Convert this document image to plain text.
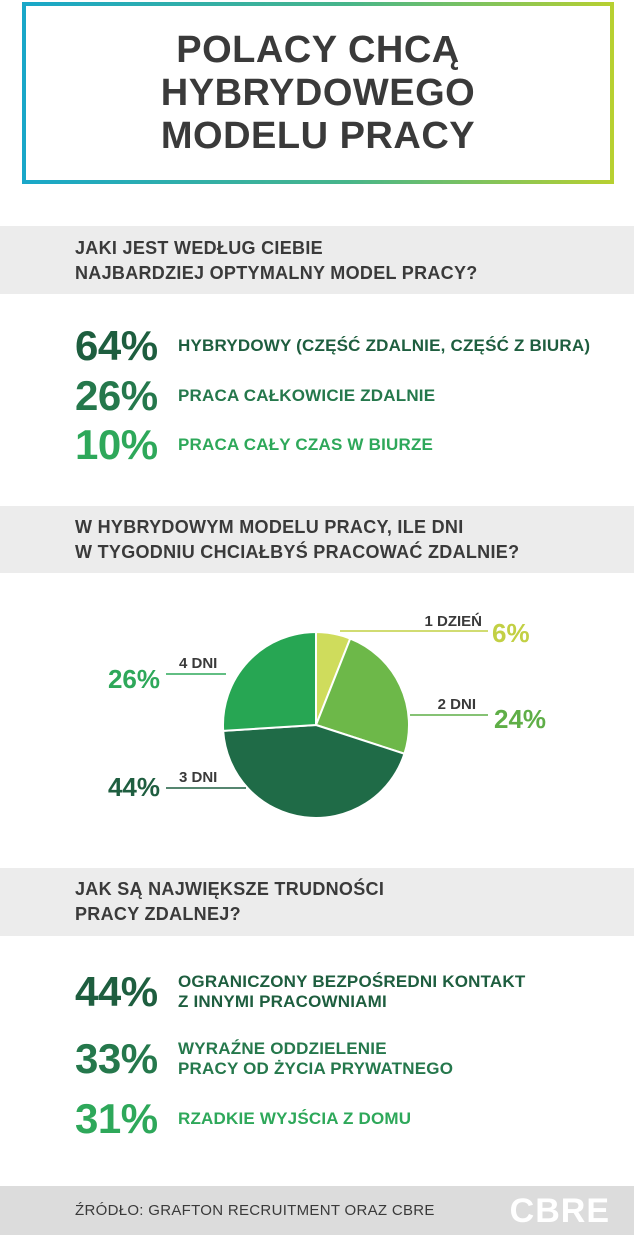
POLACY CHCĄ
HYBRYDOWEGO
MODELU PRACY
JAKI JEST WEDŁUG CIEBIE
NAJBARDZIEJ OPTYMALNY MODEL PRACY?
64%	HYBRYDOWY (CZĘŚĆ ZDALNIE, CZĘŚĆ Z BIURA)
26%	PRACA CAŁKOWICIE ZDALNIE
10%	PRACA CAŁY CZAS W BIURZE
W HYBRYDOWYM MODELU PRACY, ILE DNI
W TYGODNIU CHCIAŁBYŚ PRACOWAĆ ZDALNIE?
1 DZIEŃ 6%
2 DNI 24%
3 DNI
44%
4 DNI
26%
JAK SĄ NAJWIĘKSZE TRUDNOŚCI
PRACY ZDALNEJ?
44%	OGRANICZONY BEZPOŚREDNI KONTAKT
Z INNYMI PRACOWNIAMI
33%	WYRAŹNE ODDZIELENIE
PRACY OD ŻYCIA PRYWATNEGO
31%	RZADKIE WYJŚCIA Z DOMU
ŹRÓDŁO: GRAFTON RECRUITMENT ORAZ CBRE CBRE
